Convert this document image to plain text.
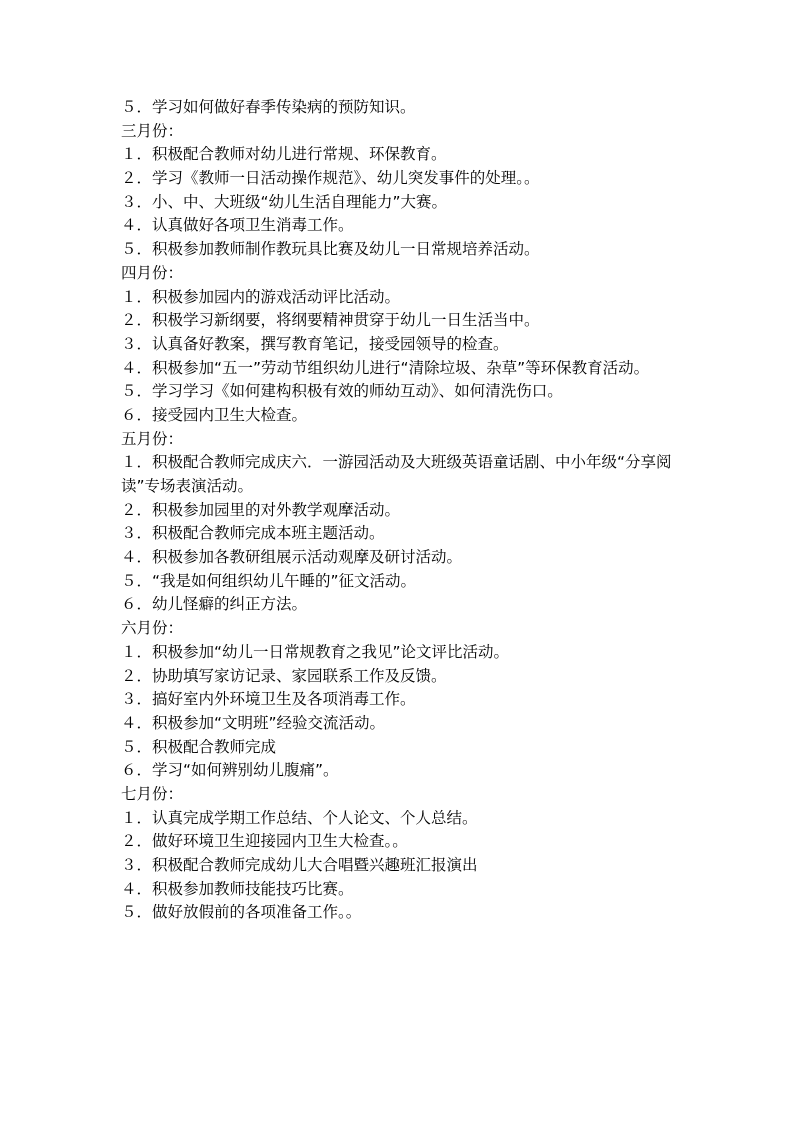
５．学习如何做好春季传染病的预防知识。
三月份：
１．积极配合教师对幼儿进行常规、环保教育。
２．学习《教师一日活动操作规范》、幼儿突发事件的处理。。
３．小、中、大班级“幼儿生活自理能力”大赛。
４．认真做好各项卫生消毒工作。
５．积极参加教师制作教玩具比赛及幼儿一日常规培养活动。
四月份：
１．积极参加园内的游戏活动评比活动。
２．积极学习新纲要，将纲要精神贯穿于幼儿一日生活当中。
３．认真备好教案，撰写教育笔记，接受园领导的检查。
４．积极参加“五一”劳动节组织幼儿进行“清除垃圾、杂草”等环保教育活动。
５．学习学习《如何建构积极有效的师幼互动》、如何清洗伤口。
６．接受园内卫生大检查。
五月份：
１．积极配合教师完成庆六．一游园活动及大班级英语童话剧、中小年级“分享阅读”专场表演活动。
２．积极参加园里的对外教学观摩活动。
３．积极配合教师完成本班主题活动。
４．积极参加各教研组展示活动观摩及研讨活动。
５．“我是如何组织幼儿午睡的”征文活动。
６．幼儿怪癖的纠正方法。
六月份：
１．积极参加“幼儿一日常规教育之我见”论文评比活动。
２．协助填写家访记录、家园联系工作及反馈。
３．搞好室内外环境卫生及各项消毒工作。
４．积极参加“文明班”经验交流活动。
５．积极配合教师完成
６．学习“如何辨别幼儿腹痛”。
七月份：
１．认真完成学期工作总结、个人论文、个人总结。
２．做好环境卫生迎接园内卫生大检查。。
３．积极配合教师完成幼儿大合唱暨兴趣班汇报演出
４．积极参加教师技能技巧比赛。
５．做好放假前的各项准备工作。。
